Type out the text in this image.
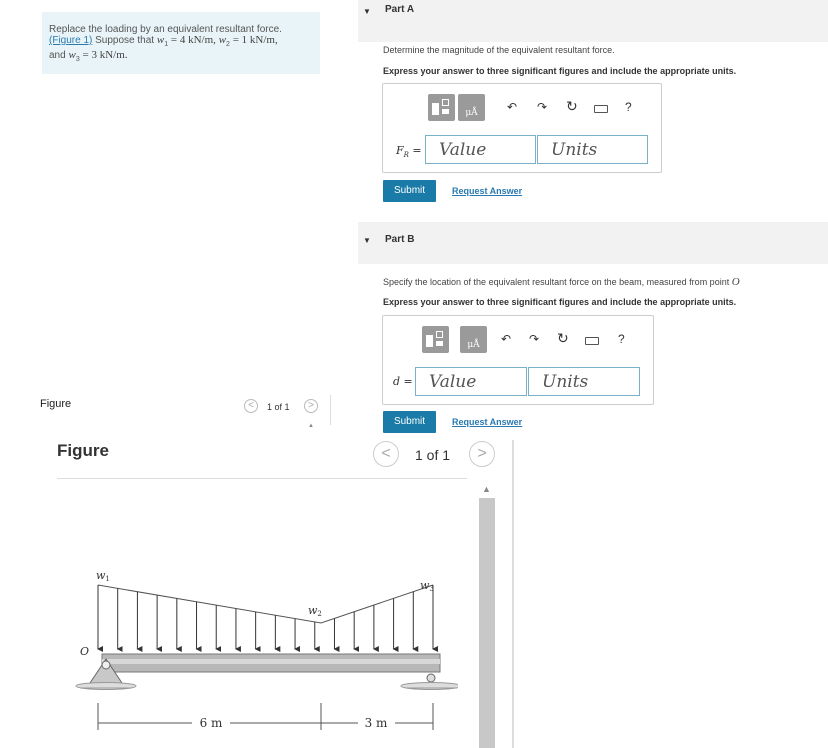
Replace the loading by an equivalent resultant force.
(Figure 1) Suppose that $w_1 = 4$ kN/m, $w_2 = 1$ kN/m,
and $w_3 = 3$ kN/m.
Figure	<	1 of 1	>
▲
▼ Part A
Determine the magnitude of the equivalent resultant force.
Express your answer to three significant figures and include the appropriate units.
μÅ	↶ ↷ ↻	?
$F_R$ =	Value	Units
Submit	Request Answer
▼ Part B
Specify the location of the equivalent resultant force on the beam, measured from point O
Express your answer to three significant figures and include the appropriate units.
μÅ	↶ ↷ ↻	?
d = Value	Units
Submit	Request Answer
Figure	<	1 of 1	>
▲
6 m	3 m
w1
w2
w3
O
